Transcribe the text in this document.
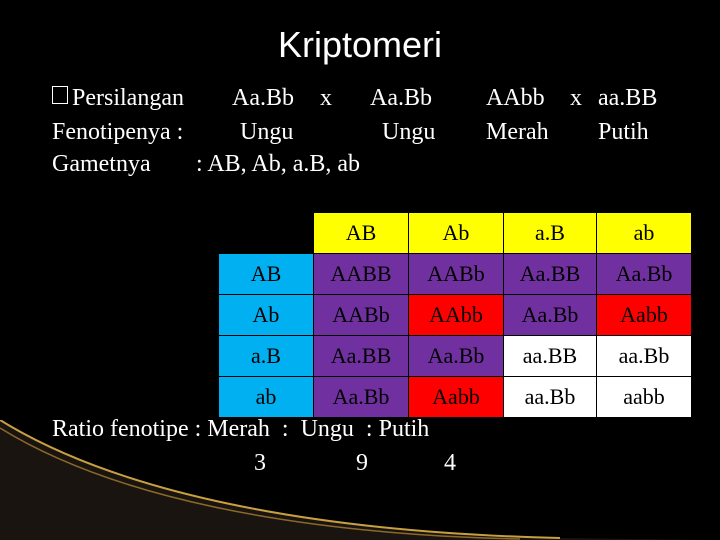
Kriptomeri
Persilangan Aa.Bb x Aa.Bb AAbb x aa.BB
Fenotipenya : Ungu	Ungu Merah Putih
Gametnya : AB, Ab, a.B, ab
	AB	Ab	a.B	ab
AB	AABB	AABb	Aa.BB	Aa.Bb
Ab	AABb	AAbb	Aa.Bb	Aabb
a.B	Aa.BB	Aa.Bb	aa.BB	aa.Bb
ab	Aa.Bb	Aabb	aa.Bb	aabb
Ratio fenotipe : Merah  :  Ungu  : Putih
3	9	4
